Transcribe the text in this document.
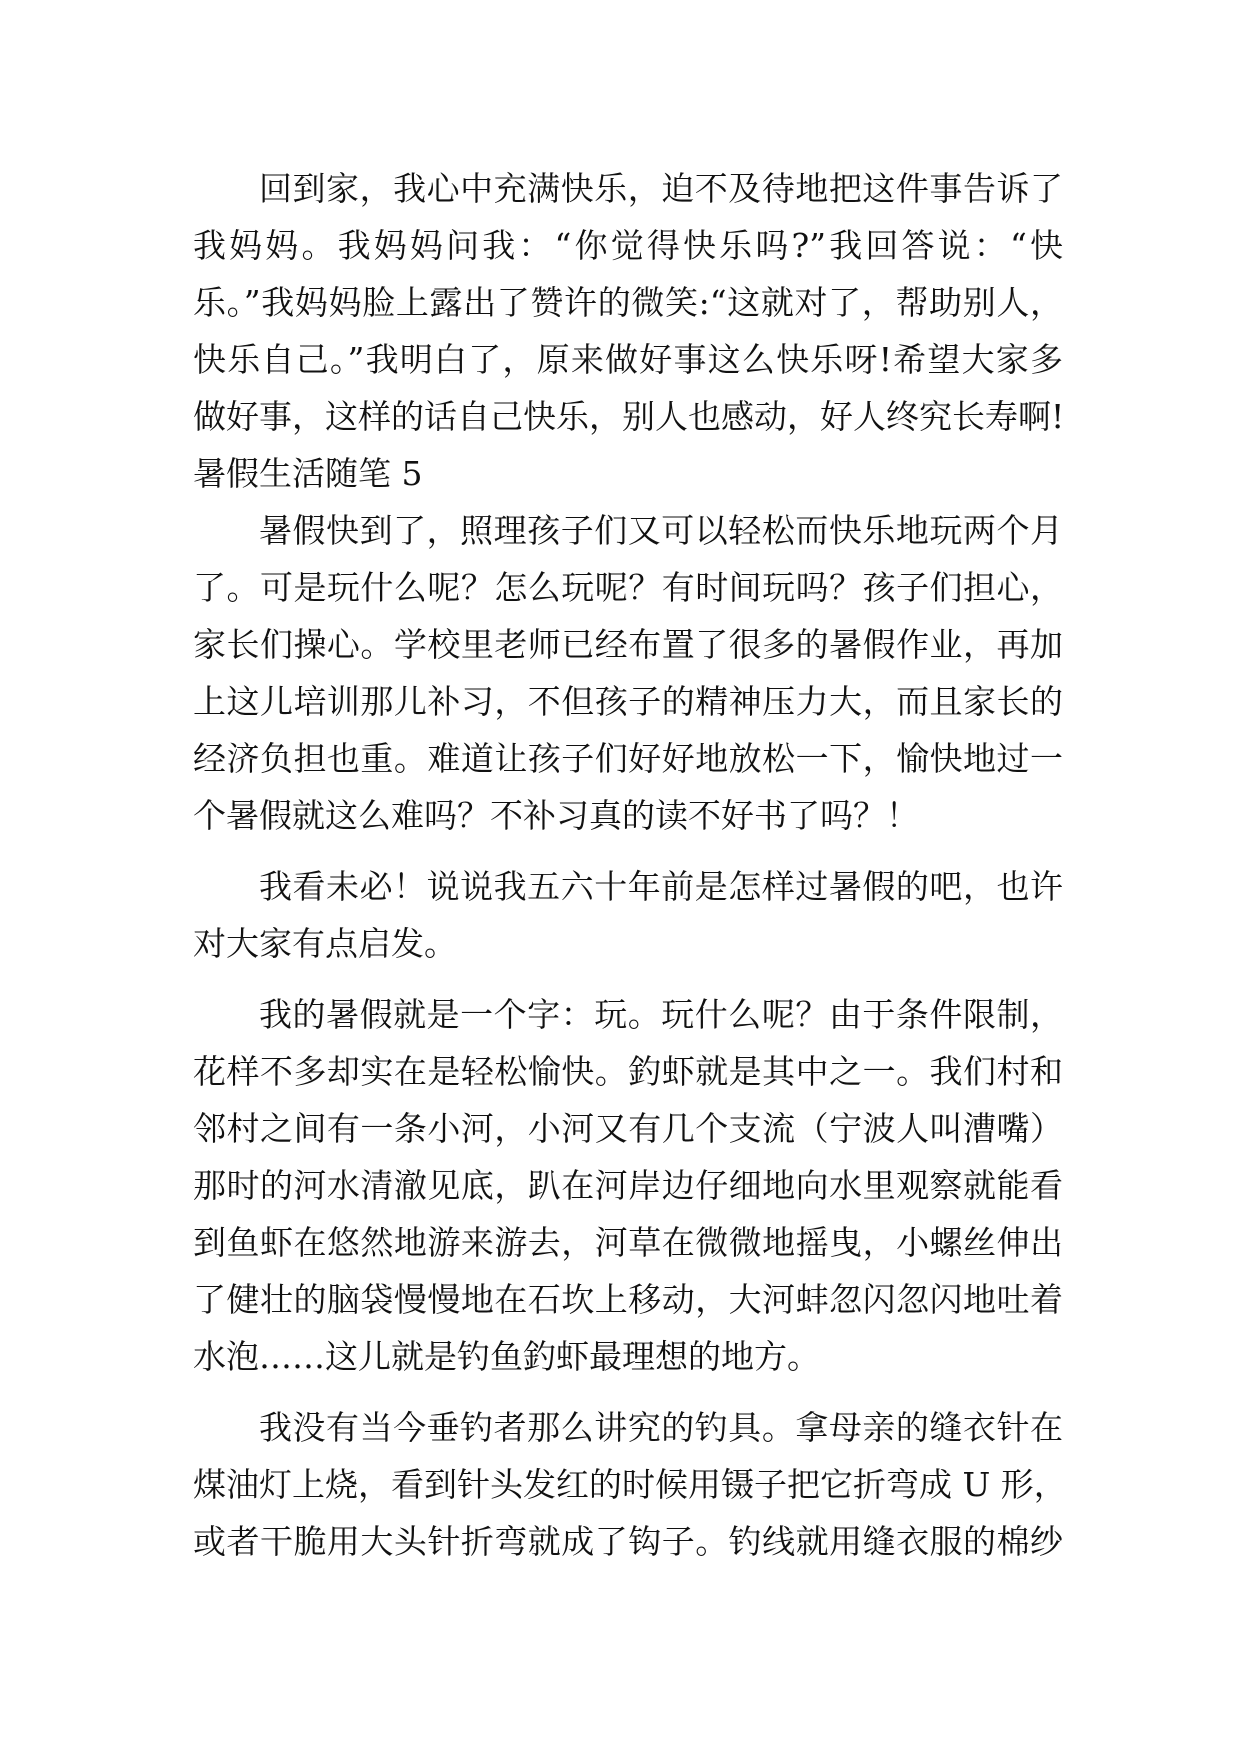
回到家，我心中充满快乐，迫不及待地把这件事告诉了
我妈妈。我妈妈问我：“你觉得快乐吗?”我回答说：“快
乐。”我妈妈脸上露出了赞许的微笑:“这就对了，帮助别人，
快乐自己。”我明白了，原来做好事这么快乐呀!希望大家多
做好事，这样的话自己快乐，别人也感动，好人终究长寿啊!
暑假生活随笔 5
暑假快到了，照理孩子们又可以轻松而快乐地玩两个月
了。可是玩什么呢？怎么玩呢？有时间玩吗？孩子们担心，
家长们操心。学校里老师已经布置了很多的暑假作业，再加
上这儿培训那儿补习，不但孩子的精神压力大，而且家长的
经济负担也重。难道让孩子们好好地放松一下，愉快地过一
个暑假就这么难吗？不补习真的读不好书了吗？！
我看未必！说说我五六十年前是怎样过暑假的吧，也许
对大家有点启发。
我的暑假就是一个字：玩。玩什么呢？由于条件限制，
花样不多却实在是轻松愉快。釣虾就是其中之一。我们村和
邻村之间有一条小河，小河又有几个支流（宁波人叫漕嘴）
那时的河水清澈见底，趴在河岸边仔细地向水里观察就能看
到鱼虾在悠然地游来游去，河草在微微地摇曳，小螺丝伸出
了健壮的脑袋慢慢地在石坎上移动，大河蚌忽闪忽闪地吐着
水泡……这儿就是钓鱼釣虾最理想的地方。
我没有当今垂钓者那么讲究的钓具。拿母亲的缝衣针在
煤油灯上烧，看到针头发红的时候用镊子把它折弯成 U 形，
或者干脆用大头针折弯就成了钩子。钓线就用缝衣服的棉纱
